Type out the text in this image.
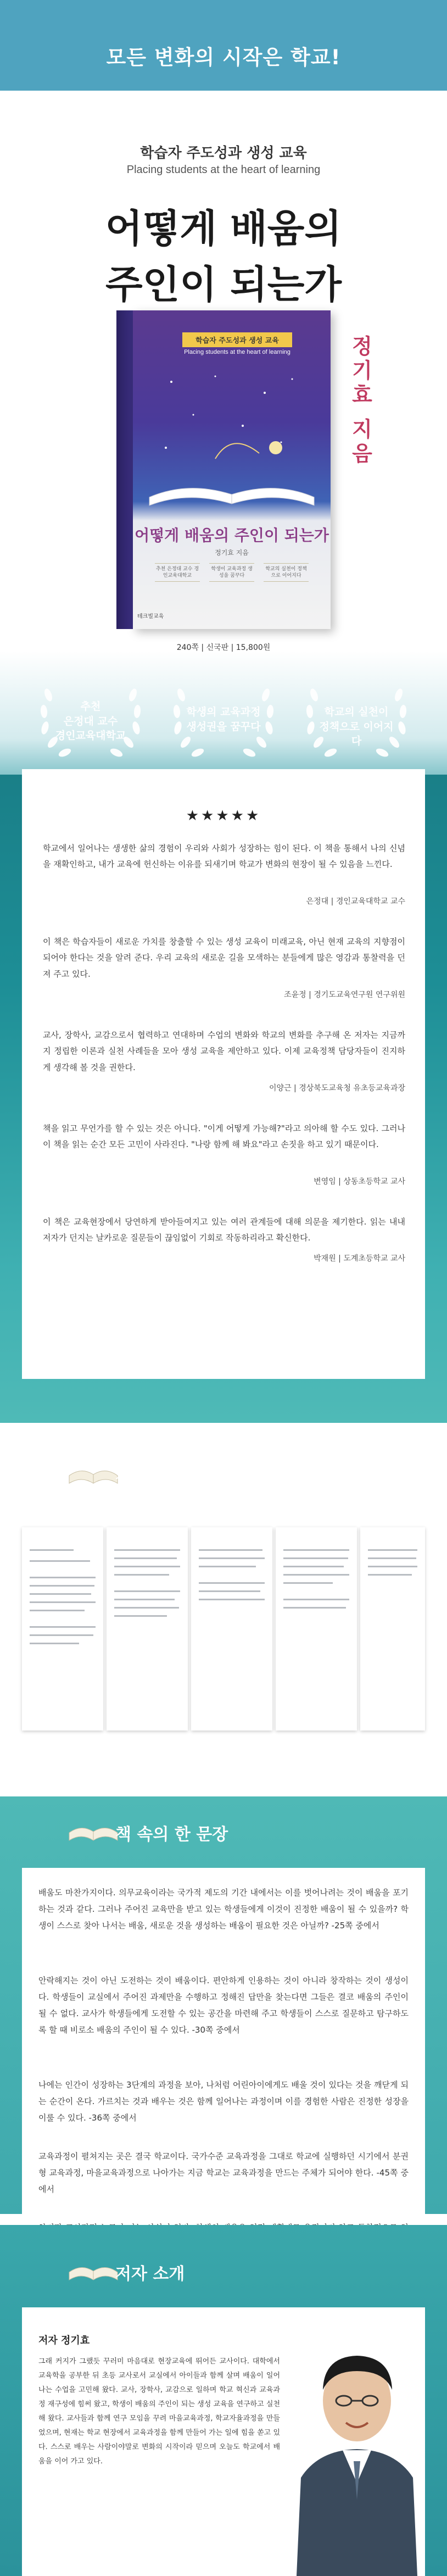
모든 변화의 시작은 학교!
학습자 주도성과 생성 교육
Placing students at the heart of learning
어떻게 배움의
주인이 되는가
학습자 주도성과 생성 교육
Placing students at the heart of learning
어떻게 배움의 주인이 되는가
정기효 지음
추천 은정대 교수 경인교육대학교
학생이 교육과정 생성을 꿈꾸다
학교의 실천이 정책으로 이어지다
테크빌교육
정기효 지음
240쪽 | 신국판 | 15,800원
추천
은정대 교수
경인교육대학교
학생의 교육과정
생성권을 꿈꾸다
학교의 실천이
정책으로 이어지다
★★★★★
학교에서 일어나는 생생한 삶의 경험이 우리와 사회가 성장하는 힘이 된다. 이 책을 통해서 나의 신념을 재확인하고, 내가 교육에 헌신하는 이유를 되새기며 학교가 변화의 현장이 될 수 있음을 느낀다.
은정대 | 경인교육대학교 교수
이 책은 학습자들이 새로운 가치를 창출할 수 있는 생성 교육이 미래교육, 아닌 현재 교육의 지향점이 되어야 한다는 것을 알려 준다. 우리 교육의 새로운 길을 모색하는 분들에게 많은 영감과 통찰력을 던져 주고 있다.
조윤정 | 경기도교육연구원 연구위원
교사, 장학사, 교감으로서 협력하고 연대하며 수업의 변화와 학교의 변화를 추구해 온 저자는 지금까지 정립한 이론과 실천 사례들을 모아 생성 교육을 제안하고 있다. 이제 교육정책 담당자들이 진지하게 생각해 볼 것을 권한다.
이양근 | 경상북도교육청 유초등교육과장
책을 읽고 무언가를 할 수 있는 것은 아니다. "이게 어떻게 가능해?"라고 의아해 할 수도 있다. 그러나 이 책을 읽는 순간 모든 고민이 사라진다. "나랑 함께 해 봐요"라고 손짓을 하고 있기 때문이다.
변영임 | 상동초등학교 교사
이 책은 교육현장에서 당연하게 받아들여지고 있는 여러 관계들에 대해 의문을 제기한다. 읽는 내내 저자가 던지는 날카로운 질문들이 끊임없이 기회로 작동하리라고 확신한다.
박재원 | 도계초등학교 교사
책 속으로
책 속의 한 문장
배움도 마찬가지이다. 의무교육이라는 국가적 제도의 기간 내에서는 이를 벗어나려는 것이 배움을 포기하는 것과 같다. 그러나 주어진 교육만을 받고 있는 학생들에게 이것이 진정한 배움이 될 수 있을까? 학생이 스스로 찾아 나서는 배움, 새로운 것을 생성하는 배움이 필요한 것은 아닐까? -25쪽 중에서
안락해지는 것이 아닌 도전하는 것이 배움이다. 편안하게 인용하는 것이 아니라 창작하는 것이 생성이다. 학생들이 교실에서 주어진 과제만을 수행하고 정해진 답만을 찾는다면 그들은 결코 배움의 주인이 될 수 없다. 교사가 학생들에게 도전할 수 있는 공간을 마련해 주고 학생들이 스스로 질문하고 탐구하도록 할 때 비로소 배움의 주인이 될 수 있다. -30쪽 중에서
나에는 인간이 성장하는 3단계의 과정을 보아, 나처럼 어린아이에게도 배울 것이 있다는 것을 깨닫게 되는 순간이 온다. 가르치는 것과 배우는 것은 함께 일어나는 과정이며 이를 경험한 사람은 진정한 성장을 이룰 수 있다. -36쪽 중에서
교육과정이 펼쳐지는 곳은 결국 학교이다. 국가수준 교육과정을 그대로 학교에 실행하던 시기에서 분권형 교육과정, 마을교육과정으로 나아가는 지금 학교는 교육과정을 만드는 주체가 되어야 한다. -45쪽 중에서
저자 소개
저자 정기효
그래 커지가 그랬듯 꾸러미 마음대로 현장교육에 뛰어든 교사이다. 대학에서 교육학을 공부한 뒤 초등 교사로서 교실에서 아이들과 함께 살며 배움이 일어나는 수업을 고민해 왔다. 교사, 장학사, 교감으로 일하며 학교 혁신과 교육과정 재구성에 힘써 왔고, 학생이 배움의 주인이 되는 생성 교육을 연구하고 실천해 왔다. 교사들과 함께 연구 모임을 꾸려 마을교육과정, 학교자율과정을 만들었으며, 현재는 학교 현장에서 교육과정을 함께 만들어 가는 일에 힘을 쏟고 있다. 스스로 배우는 사람이야말로 변화의 시작이라 믿으며 오늘도 학교에서 배움을 이어 가고 있다.
